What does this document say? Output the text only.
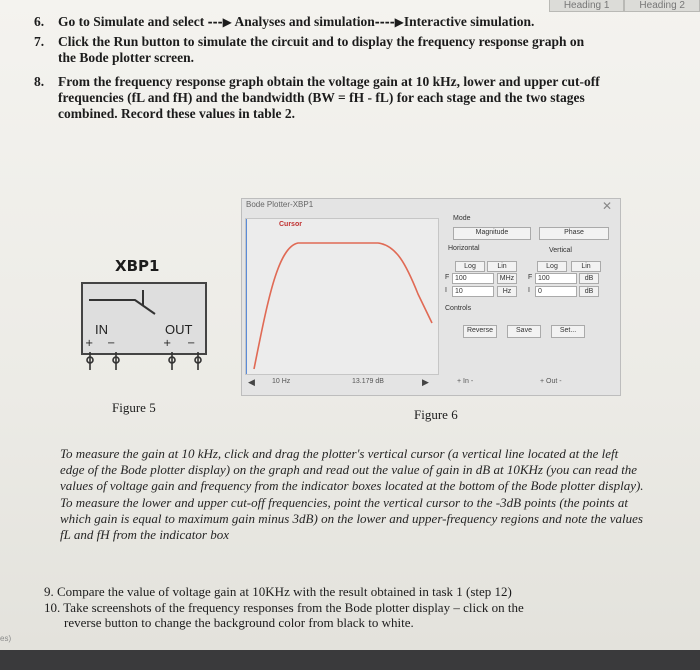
Heading 1	Heading 2
6. Go to Simulate and select ---▶ Analyses and simulation----▶Interactive simulation.
7. Click the Run button to simulate the circuit and to display the frequency response graph on
the Bode plotter screen.
8. From the frequency response graph obtain the voltage gain at 10 kHz, lower and upper cut-off
frequencies (fL and fH) and the bandwidth (BW = fH - fL) for each stage and the two stages
combined. Record these values in table 2.
XBP1
IN	OUT
+ −	+ −
Bode Plotter-XBP1	✕
Cursor
Mode
Magnitude	Phase
Horizontal	Vertical
Log	Lin	Log	Lin
F 100	MHz
I	10	Hz
F 100	dB
I	0	dB
Controls
Reverse	Save	Set...
◀ 10 Hz	13.179 dB	▶	+ In -	+ Out -
Figure 5	Figure 6
To measure the gain at 10 kHz, click and drag the plotter's vertical cursor (a vertical line located at the left edge of the Bode plotter display) on the graph and read out the value of gain in dB at 10KHz (you can read the values of voltage gain and frequency from the indicator boxes located at the bottom of the Bode plotter display). To measure the lower and upper cut-off frequencies, point the vertical cursor to the -3dB points (the points at which gain is equal to maximum gain minus 3dB) on the lower and upper-frequency regions and note the values fL and fH from the indicator box
9. Compare the value of voltage gain at 10KHz with the result obtained in task 1 (step 12)
10. Take screenshots of the frequency responses from the Bode plotter display – click on the
reverse button to change the background color from black to white.
es)
